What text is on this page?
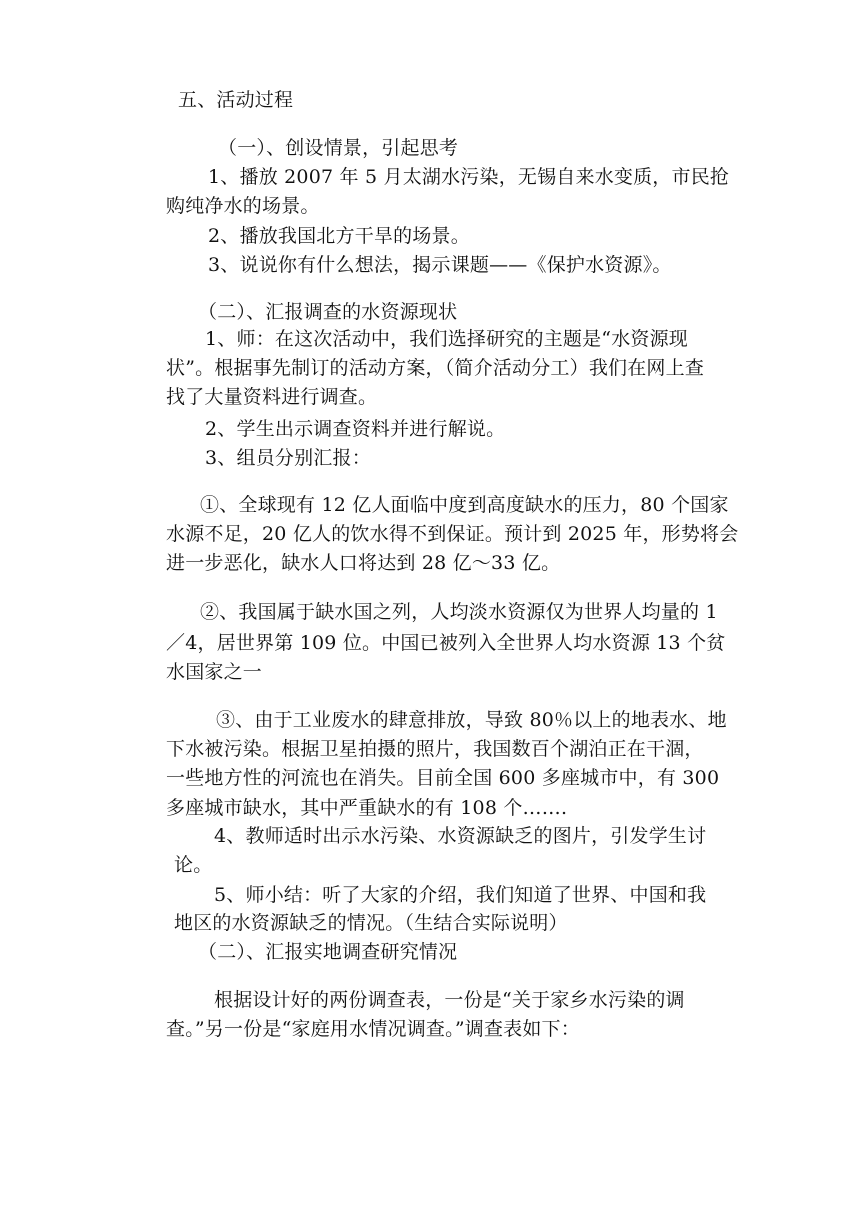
五、活动过程
（一）、创设情景，引起思考
1、播放 2007 年 5 月太湖水污染，无锡自来水变质，市民抢
购纯净水的场景。
2、播放我国北方干旱的场景。
3、说说你有什么想法，揭示课题——《保护水资源》。
（二）、汇报调查的水资源现状
1、师：在这次活动中，我们选择研究的主题是“水资源现
状”。根据事先制订的活动方案，（简介活动分工）我们在网上查
找了大量资料进行调查。
2、学生出示调查资料并进行解说。
3、组员分别汇报：
①、全球现有 12 亿人面临中度到高度缺水的压力，80 个国家
水源不足，20 亿人的饮水得不到保证。预计到 2025 年，形势将会
进一步恶化，缺水人口将达到 28 亿～33 亿。
②、我国属于缺水国之列，人均淡水资源仅为世界人均量的 1
／4，居世界第 109 位。中国已被列入全世界人均水资源 13 个贫
水国家之一
③、由于工业废水的肆意排放，导致 80％以上的地表水、地
下水被污染。根据卫星拍摄的照片，我国数百个湖泊正在干涸，
一些地方性的河流也在消失。目前全国 600 多座城市中，有 300
多座城市缺水，其中严重缺水的有 108 个…….
4、教师适时出示水污染、水资源缺乏的图片，引发学生讨
论。
5、师小结：听了大家的介绍，我们知道了世界、中国和我
地区的水资源缺乏的情况。（生结合实际说明）
（二）、汇报实地调查研究情况
根据设计好的两份调查表，一份是“关于家乡水污染的调
查。”另一份是“家庭用水情况调查。”调查表如下：
